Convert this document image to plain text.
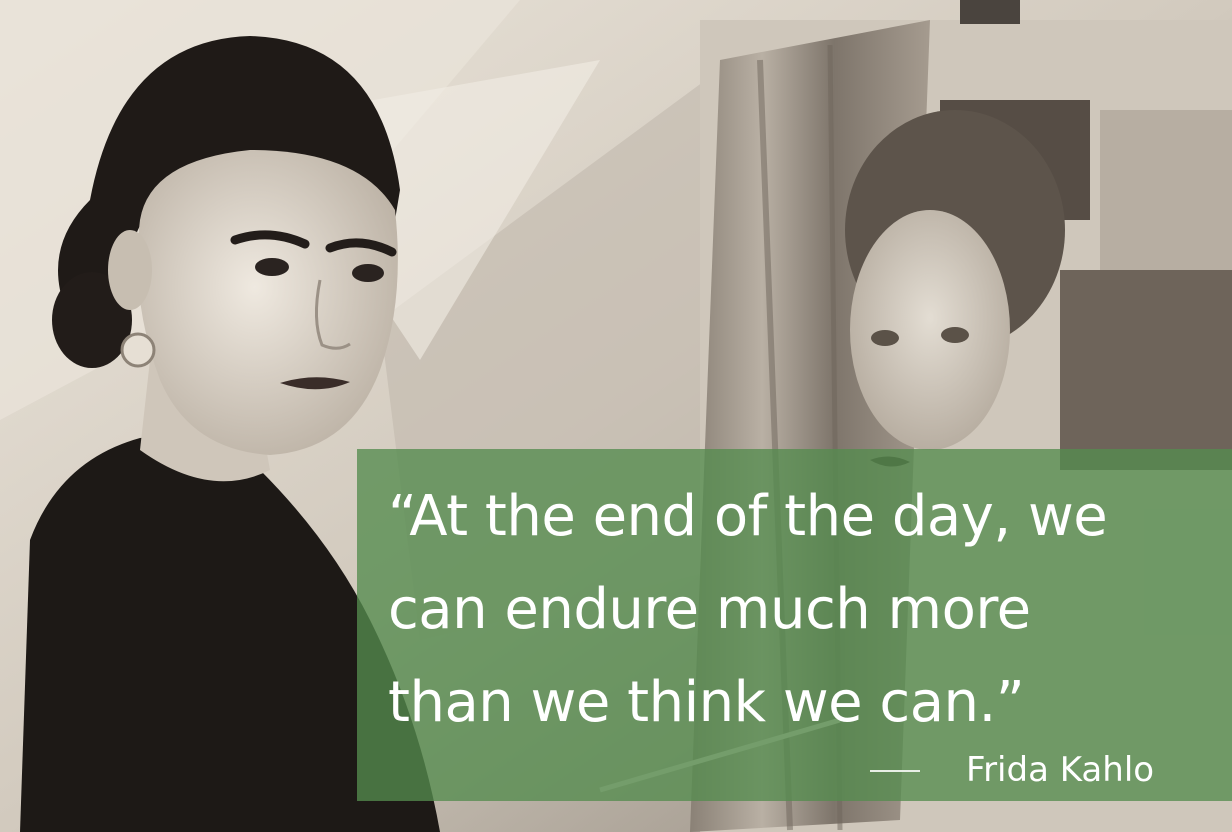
“At the end of the day, we
can endure much more
than we think we can.”

Frida Kahlo
